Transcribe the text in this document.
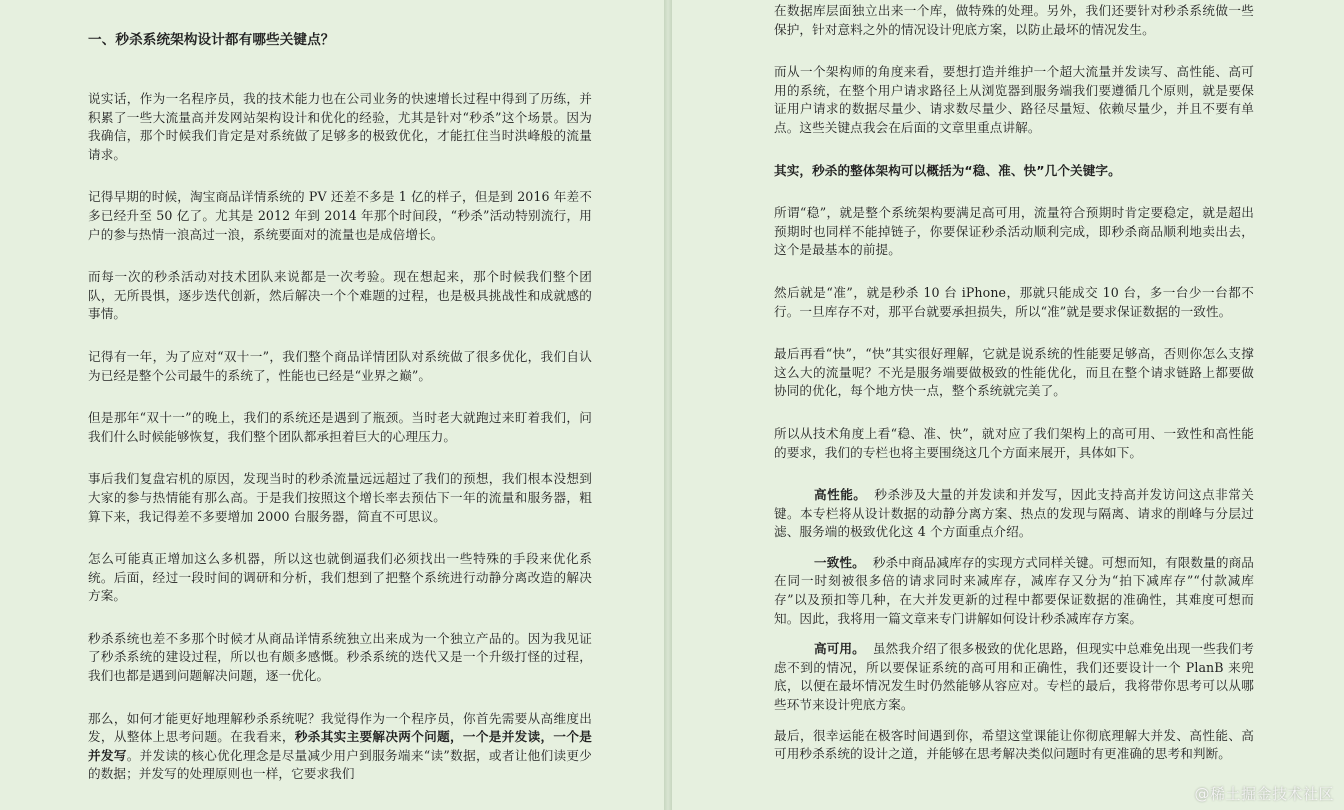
一、秒杀系统架构设计都有哪些关键点？

说实话，作为一名程序员，我的技术能力也在公司业务的快速增长过程中得到了历练，并积累了一些大流量高并发网站架构设计和优化的经验，尤其是针对“秒杀”这个场景。因为我确信，那个时候我们肯定是对系统做了足够多的极致优化，才能扛住当时洪峰般的流量请求。

记得早期的时候，淘宝商品详情系统的 PV 还差不多是 1 亿的样子，但是到 2016 年差不多已经升至 50 亿了。尤其是 2012 年到 2014 年那个时间段，“秒杀”活动特别流行，用户的参与热情一浪高过一浪，系统要面对的流量也是成倍增长。

而每一次的秒杀活动对技术团队来说都是一次考验。现在想起来，那个时候我们整个团队，无所畏惧，逐步迭代创新，然后解决一个个难题的过程，也是极具挑战性和成就感的事情。

记得有一年，为了应对“双十一”，我们整个商品详情团队对系统做了很多优化，我们自认为已经是整个公司最牛的系统了，性能也已经是“业界之巅”。

但是那年“双十一”的晚上，我们的系统还是遇到了瓶颈。当时老大就跑过来盯着我们，问我们什么时候能够恢复，我们整个团队都承担着巨大的心理压力。

事后我们复盘宕机的原因，发现当时的秒杀流量远远超过了我们的预想，我们根本没想到大家的参与热情能有那么高。于是我们按照这个增长率去预估下一年的流量和服务器，粗算下来，我记得差不多要增加 2000 台服务器，简直不可思议。

怎么可能真正增加这么多机器，所以这也就倒逼我们必须找出一些特殊的手段来优化系统。后面，经过一段时间的调研和分析，我们想到了把整个系统进行动静分离改造的解决方案。

秒杀系统也差不多那个时候才从商品详情系统独立出来成为一个独立产品的。因为我见证了秒杀系统的建设过程，所以也有颇多感慨。秒杀系统的迭代又是一个升级打怪的过程，我们也都是遇到问题解决问题，逐一优化。

那么，如何才能更好地理解秒杀系统呢？我觉得作为一个程序员，你首先需要从高维度出发，从整体上思考问题。在我看来，秒杀其实主要解决两个问题，一个是并发读，一个是并发写。并发读的核心优化理念是尽量减少用户到服务端来“读”数据，或者让他们读更少的数据；并发写的处理原则也一样，它要求我们

在数据库层面独立出来一个库，做特殊的处理。另外，我们还要针对秒杀系统做一些保护，针对意料之外的情况设计兜底方案，以防止最坏的情况发生。

而从一个架构师的角度来看，要想打造并维护一个超大流量并发读写、高性能、高可用的系统，在整个用户请求路径上从浏览器到服务端我们要遵循几个原则，就是要保证用户请求的数据尽量少、请求数尽量少、路径尽量短、依赖尽量少，并且不要有单点。这些关键点我会在后面的文章里重点讲解。

其实，秒杀的整体架构可以概括为“稳、准、快”几个关键字。

所谓“稳”，就是整个系统架构要满足高可用，流量符合预期时肯定要稳定，就是超出预期时也同样不能掉链子，你要保证秒杀活动顺利完成，即秒杀商品顺利地卖出去，这个是最基本的前提。

然后就是“准”，就是秒杀 10 台 iPhone，那就只能成交 10 台，多一台少一台都不行。一旦库存不对，那平台就要承担损失，所以“准”就是要求保证数据的一致性。

最后再看“快”，“快”其实很好理解，它就是说系统的性能要足够高，否则你怎么支撑这么大的流量呢？不光是服务端要做极致的性能优化，而且在整个请求链路上都要做协同的优化，每个地方快一点，整个系统就完美了。

所以从技术角度上看“稳、准、快”，就对应了我们架构上的高可用、一致性和高性能的要求，我们的专栏也将主要围绕这几个方面来展开，具体如下。

高性能。 秒杀涉及大量的并发读和并发写，因此支持高并发访问这点非常关键。本专栏将从设计数据的动静分离方案、热点的发现与隔离、请求的削峰与分层过滤、服务端的极致优化这 4 个方面重点介绍。

一致性。 秒杀中商品减库存的实现方式同样关键。可想而知，有限数量的商品在同一时刻被很多倍的请求同时来减库存，减库存又分为“拍下减库存”“付款减库存”以及预扣等几种，在大并发更新的过程中都要保证数据的准确性，其难度可想而知。因此，我将用一篇文章来专门讲解如何设计秒杀减库存方案。

高可用。 虽然我介绍了很多极致的优化思路，但现实中总难免出现一些我们考虑不到的情况，所以要保证系统的高可用和正确性，我们还要设计一个 PlanB 来兜底，以便在最坏情况发生时仍然能够从容应对。专栏的最后，我将带你思考可以从哪些环节来设计兜底方案。

最后，很幸运能在极客时间遇到你，希望这堂课能让你彻底理解大并发、高性能、高可用秒杀系统的设计之道，并能够在思考解决类似问题时有更准确的思考和判断。

@稀土掘金技术社区
